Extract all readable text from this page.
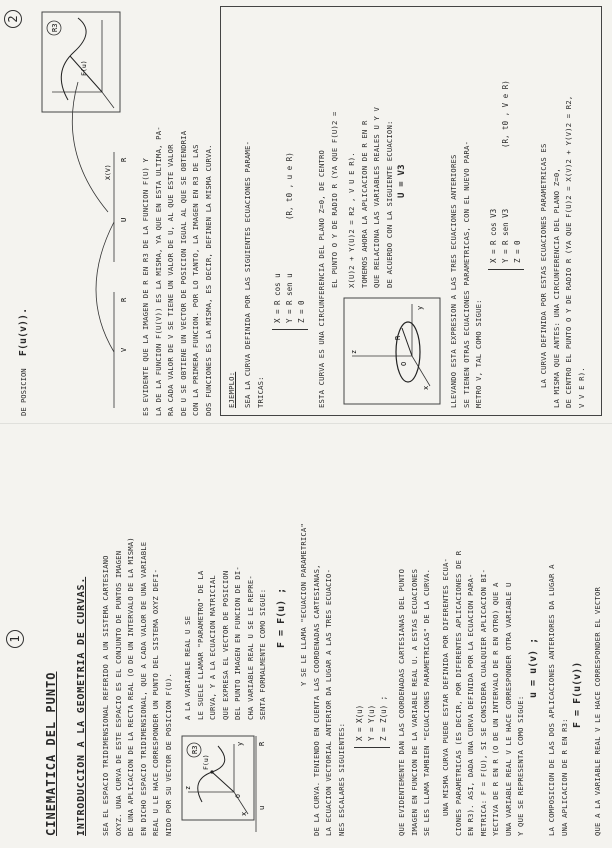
1
CINEMATICA DEL PUNTO INTRODUCCION A LA GEOMETRIA DE CURVAS. SEA EL ESPACIO TRIDIMENSIONAL REFERIDO A UN SISTEMA CARTESIANO OXYZ. UNA CURVA DE ESTE ESPACIO ES EL CONJUNTO DE PUNTOS IMAGEN DE UNA APLICACION DE LA RECTA REAL (O DE UN INTERVALO DE LA MISMA) EN DICHO ESPACIO TRIDIMENSIONAL, QUE A CADA VALOR DE UNA VARIABLE REAL U LE HACE CORRESPONDER UN PUNTO DEL SISTEMA OXYZ DEFI- NIDO POR SU VECTOR DE POSICION F(U).	R3
z
y
x
F(u)
O
u
R
A LA VARIABLE REAL U SE LE SUELE LLAMAR "PARAMETRO" DE LA CURVA, Y A LA ECUACION MATRICIAL QUE EXPRESA EL VECTOR DE POSICION DEL PUNTO IMAGEN EN FUNCION DE DI- CHA VARIABLE REAL U SE LE REPRE- SENTA FORMALMENTE COMO SIGUE: F = F(u) ; Y SE LE LLAMA "ECUACION PARAMETRICA" DE LA CURVA. TENIENDO EN CUENTA LAS COORDENADAS CARTESIANAS, LA ECUACION VECTORIAL ANTERIOR DA LUGAR A LAS TRES ECUACIO- NES ESCALARES SIGUIENTES:	X = X(u) Y = Y(u) Z = Z(u) ; QUE EVIDENTEMENTE DAN LAS COORDENADAS CARTESIANAS DEL PUNTO IMAGEN EN FUNCION DE LA VARIABLE REAL U. A ESTAS ECUACIONES SE LES LLAMA TAMBIEN "ECUACIONES PARAMETRICAS" DE LA CURVA.	UNA MISMA CURVA PUEDE ESTAR DEFINIDA POR DIFERENTES ECUA- CIONES PARAMETRICAS (ES DECIR, POR DIFERENTES APLICACIONES DE R EN R3). ASI, DADA UNA CURVA DEFINIDA POR LA ECUACION PARA- METRICA: F = F(U), SI SE CONSIDERA CUALQUIER APLICACION BI- YECTIVA DE R EN R (O DE UN INTERVALO DE R EN OTRO) QUE A UNA VARIABLE REAL V LE HACE CORRESPONDER OTRA VARIABLE U Y QUE SE REPRESENTA COMO SIGUE:
u = u(v) ; LA COMPOSICION DE LAS DOS APLICACIONES ANTERIORES DA LUGAR A UNA APLICACION DE R EN R3:
F = F(u(v)) QUE A LA VARIABLE REAL V LE HACE CORRESPONDER EL VECTOR
2
DE POSICION F(u(v)).
R3
F(u)
X(V)
R
R
V
U ES EVIDENTE QUE LA IMAGEN DE R EN R3 DE LA FUNCION F(U) Y LA DE LA FUNCION F(U(V)) ES LA MISMA, YA QUE EN ESTA ULTIMA, PA- RA CADA VALOR DE V SE TIENE UN VALOR DE U, AL QUE ESTE VALOR DE U SE OBTIENE UN VECTOR DE POSICION IGUAL AL QUE SE OBTENDRIA CON LA PRIMERA FUNCION. POR LO TANTO, LA IMAGEN EN R3 DE LAS DOS FUNCIONES ES LA MISMA, ES DECIR, DEFINEN LA MISMA CURVA.	EJEMPLO: SEA LA CURVA DEFINIDA POR LAS SIGUIENTES ECUACIONES PARAME- TRICAS:
X = R cos u Y = R sen u Z = 0
(R, t0 , u e R)	ESTA CURVA ES UNA CIRCUNFERENCIA DEL PLANO Z=0, DE CENTRO EL PUNTO O Y DE RADIO R (YA QUE F(U)2 =
z
y
x
O
R
X(U)2 + Y(U)2 = R2 , V U E R). TOMEMOS AHORA LA APLICACION DE R EN R QUE RELACIONA LAS VARIABLES REALES U Y V DE ACUERDO CON LA SIGUIENTE ECUACION: U = V3	LLEVANDO ESTA EXPRESION A LAS TRES ECUACIONES ANTERIORES SE TIENEN OTRAS ECUACIONES PARAMETRICAS, CON EL NUEVO PARA- METRO V, TAL COMO SIGUE:
X = R cos V3 Y = R sen V3 Z = 0
(R, t0 , V e R)
LA CURVA DEFINIDA POR ESTAS ECUACIONES PARAMETRICAS ES LA MISMA QUE ANTES: UNA CIRCUNFERENCIA DEL PLANO Z=0, DE CENTRO EL PUNTO O Y DE RADIO R (YA QUE F(U)2 = X(V)2 + Y(V)2 = R2, V V E R).
